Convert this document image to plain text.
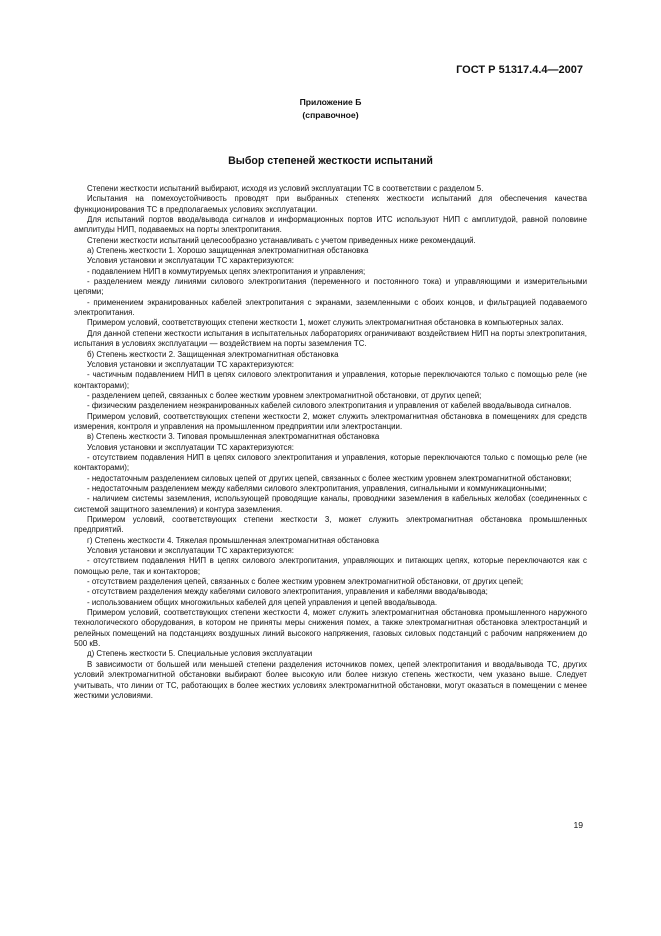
ГОСТ Р 51317.4.4—2007
Приложение Б
(справочное)
Выбор степеней жесткости испытаний

Степени жесткости испытаний выбирают, исходя из условий эксплуатации ТС в соответствии с разделом 5.

Испытания на помехоустойчивость проводят при выбранных степенях жесткости испытаний для обеспечения качества функционирования ТС в предполагаемых условиях эксплуатации.

Для испытаний портов ввода/вывода сигналов и информационных портов ИТС используют НИП с амплитудой, равной половине амплитуды НИП, подаваемых на порты электропитания.

Степени жесткости испытаний целесообразно устанавливать с учетом приведенных ниже рекомендаций.

а) Степень жесткости 1. Хорошо защищенная электромагнитная обстановка

Условия установки и эксплуатации ТС характеризуются:

- подавлением НИП в коммутируемых цепях электропитания и управления;

- разделением между линиями силового электропитания (переменного и постоянного тока) и управляющими и измерительными цепями;

- применением экранированных кабелей электропитания с экранами, заземленными с обоих концов, и фильтрацией подаваемого электропитания.

Примером условий, соответствующих степени жесткости 1, может служить электромагнитная обстановка в компьютерных залах.

Для данной степени жесткости испытания в испытательных лабораториях ограничивают воздействием НИП на порты электропитания, испытания в условиях эксплуатации — воздействием на порты заземления ТС.

б) Степень жесткости 2. Защищенная электромагнитная обстановка

Условия установки и эксплуатации ТС характеризуются:

- частичным подавлением НИП в цепях силового электропитания и управления, которые переключаются только с помощью реле (не контакторами);

- разделением цепей, связанных с более жестким уровнем электромагнитной обстановки, от других цепей;

- физическим разделением неэкранированных кабелей силового электропитания и управления от кабелей ввода/вывода сигналов.

Примером условий, соответствующих степени жесткости 2, может служить электромагнитная обстановка в помещениях для средств измерения, контроля и управления на промышленном предприятии или электростанции.

в) Степень жесткости 3. Типовая промышленная электромагнитная обстановка

Условия установки и эксплуатации ТС характеризуются:

- отсутствием подавления НИП в цепях силового электропитания и управления, которые переключаются только с помощью реле (не контакторами);

- недостаточным разделением силовых цепей от других цепей, связанных с более жестким уровнем электромагнитной обстановки;

- недостаточным разделением между кабелями силового электропитания, управления, сигнальными и коммуникационными;

- наличием системы заземления, использующей проводящие каналы, проводники заземления в кабельных желобах (соединенных с системой защитного заземления) и контура заземления.

Примером условий, соответствующих степени жесткости 3, может служить электромагнитная обстановка промышленных предприятий.

г) Степень жесткости 4. Тяжелая промышленная электромагнитная обстановка

Условия установки и эксплуатации ТС характеризуются:

- отсутствием подавления НИП в цепях силового электропитания, управляющих и питающих цепях, которые переключаются как с помощью реле, так и контакторов;

- отсутствием разделения цепей, связанных с более жестким уровнем электромагнитной обстановки, от других цепей;

- отсутствием разделения между кабелями силового электропитания, управления и кабелями ввода/вывода;

- использованием общих многожильных кабелей для цепей управления и цепей ввода/вывода.

Примером условий, соответствующих степени жесткости 4, может служить электромагнитная обстановка промышленного наружного технологического оборудования, в котором не приняты меры снижения помех, а также электромагнитная обстановка электростанций и релейных помещений на подстанциях воздушных линий высокого напряжения, газовых силовых подстанций с рабочим напряжением до 500 кВ.

д) Степень жесткости 5. Специальные условия эксплуатации

В зависимости от большей или меньшей степени разделения источников помех, цепей электропитания и ввода/вывода ТС, других условий электромагнитной обстановки выбирают более высокую или более низкую степень жесткости, чем указано выше. Следует учитывать, что линии от ТС, работающих в более жестких условиях электромагнитной обстановки, могут оказаться в помещении с менее жесткими условиями.

19
